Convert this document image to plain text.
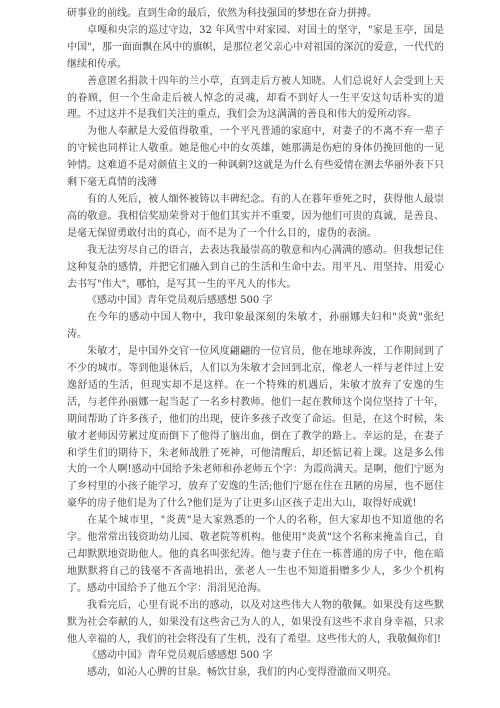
研事业的前线。直到生命的最后，依然为科技强国的梦想在奋力拼搏。

卓嘎和央宗的巡过守边，32 年风雪中对家园、对国土的坚守，"家是玉亭，国是中国"，那一面面飘在风中的旗帜，是那位老父亲心中对祖国的深沉的爱意，一代代的继续和传承。

善意匿名捐款十四年的兰小草，直到走后方被人知晓。人们总说好人会受到上天的眷顾，但一个生命走后被人悼念的灵魂，却看不到好人一生平安这句话朴实的道理。不过这并不是我们关注的重点，我们会为这满满的善良和伟大的爱所动容。

为他人奉献是大爱值得敬重，一个平凡普通的家庭中，对妻子的不离不弃一辈子的守候也同样让人敬重。她是他心中的女英雄，她那满是伤疤的身体仍挽回他的一见钟情。这难道不是对颜值主义的一种讽刺?这就是为什么有些爱情在测去华丽外表下只剩下毫无真情的浅薄

有的人死后，被人缅怀被铸以丰碑纪念。有的人在暮年垂死之时，获得他人最崇高的敬意。我相信奖励荣誉对于他们其实并不重要，因为他们可贵的真诚，是善良、是毫无保留勇敢付出的真心，而不是为了一个什么目的，虚伪的表演。

我无法穷尽自己的语言，去表达我最崇高的敬意和内心满满的感动。但我想记住这种复杂的感情，并把它们融入到自己的生活和生命中去。用平凡、用坚持、用爱心去书写"伟大"，哪怕，是写其一生的平凡人的伟大。

《感动中国》青年党员观后感感想 500 字

在今年的感动中国人物中，我印象最深刻的朱敏才，孙丽娜夫妇和"炎黄"张纪涛。

朱敏才，是中国外交官一位风度翩翩的一位官员，他在地球奔波，工作期间到了不少的城市。等到他退休后，人们以为朱敏才会回到北京，像老人一样与老伴过上安逸舒适的生活，但现实却不是这样。在一个特殊的机遇后，朱敏才放弃了安逸的生活，与老伴孙丽娜一起当起了一名乡村教师。他们一起在教师这个岗位坚持了十年，期间帮助了许多孩子，他们的出现，使许多孩子改变了命运。但是，在这个时候，朱敏才老师因劳累过度而倒下了他得了脑出血，倒在了教学的路上。幸运的是，在妻子和学生们的期待下，朱老师战胜了死神，可他清醒后，却还惦记着上课。这是多么伟大的一个人啊!感动中国给予朱老师和孙老师五个字：为霞尚满天。是啊，他们宁愿为了乡村里的小孩子能学习，放弃了安逸的生活;他们宁愿在住在丑陋的房屋，也不愿住豪华的房子他们是为了什么?他们是为了让更多山区孩子走出大山，取得好成就!

在某个城市里，"炎黄"是大家熟悉的一个人的名称，但大家却也不知道他的名字。他常常出钱资助幼儿园、敬老院等机构。他使用"炎黄"这个名称来掩盖自己，自己却默默地资助他人。他的真名叫张纪涛。他与妻子住在一栋普通的房子中，他在暗地默默将自己的钱毫不吝啬地捐出，张老人一生也不知道捐赠多少人，多少个机构了。感动中国给予了他五个字：涓涓见沧海。

我看完后，心里有说不出的感动，以及对这些伟大人物的敬佩。如果没有这些默默为社会奉献的人，如果没有这些舍己为人的人，如果没有这些不求自身幸福，只求他人幸福的人，我们的社会将没有了生机，没有了希望。这些伟大的人，我敬佩你们!

《感动中国》青年党员观后感感想 500 字

感动，如沁人心脾的甘泉。畅饮甘泉，我们的内心变得澄澈而又明亮。
